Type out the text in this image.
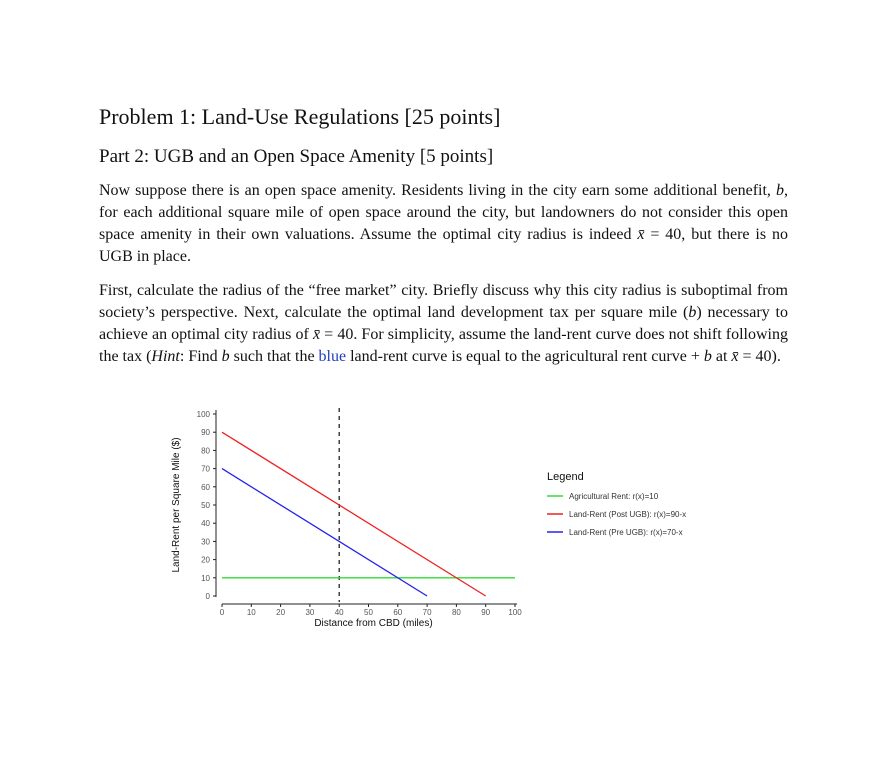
Problem 1: Land-Use Regulations [25 points]
Part 2: UGB and an Open Space Amenity [5 points]

Now suppose there is an open space amenity. Residents living in the city earn some additional benefit, b, for each additional square mile of open space around the city, but landowners do not consider this open space amenity in their own valuations. Assume the optimal city radius is indeed x̄ = 40, but there is no UGB in place.

First, calculate the radius of the “free market” city. Briefly discuss why this city radius is suboptimal from society’s perspective. Next, calculate the optimal land development tax per square mile (b) necessary to achieve an optimal city radius of x̄ = 40. For simplicity, assume the land-rent curve does not shift following the tax (Hint: Find b such that the blue land-rent curve is equal to the agricultural rent curve + b at x̄ = 40).

0
10
20
30
40
50
60
70
80
90
100
0	10	20	30	40	50	60	70	80	90 100
Distance from CBD (miles)
Land-Rent per Square Mile ($)	Legend
Agricultural Rent: r(x)=10
Land-Rent (Post UGB): r(x)=90-x
Land-Rent (Pre UGB): r(x)=70-x
